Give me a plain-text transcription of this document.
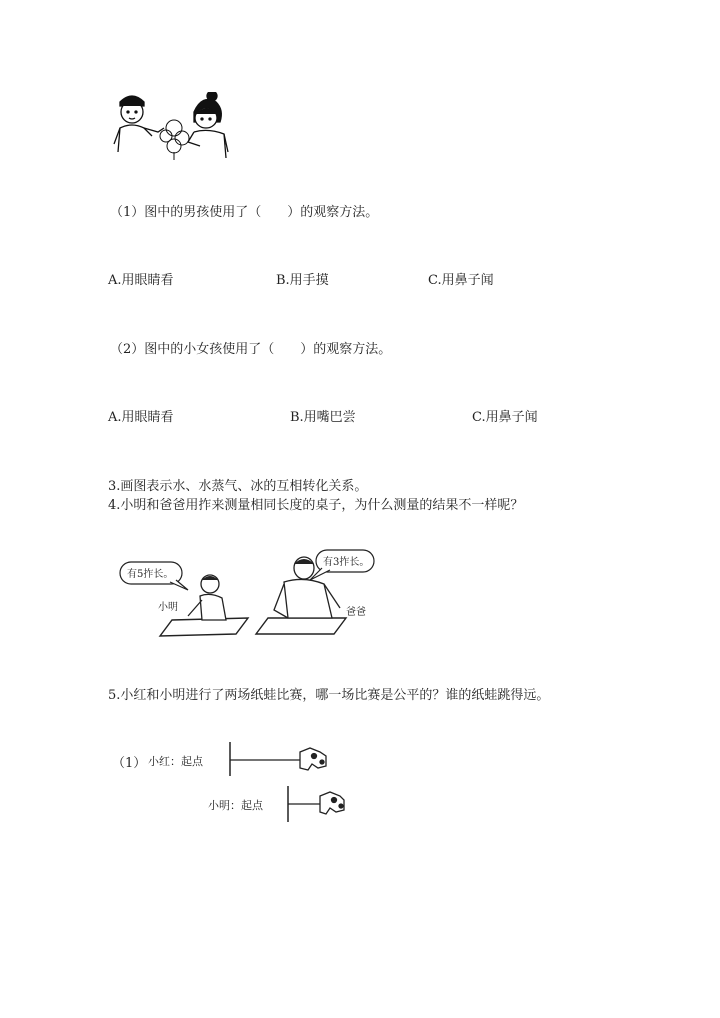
（1）图中的男孩使用了（　　）的观察方法。
A.用眼睛看	B.用手摸	C.用鼻子闻
（2）图中的小女孩使用了（　　）的观察方法。
A.用眼睛看	B.用嘴巴尝	C.用鼻子闻
3.画图表示水、水蒸气、冰的互相转化关系。
4.小明和爸爸用拃来测量相同长度的桌子，为什么测量的结果不一样呢？
有5拃长。
有3拃长。
小明	爸爸
5.小红和小明进行了两场纸蛙比赛，哪一场比赛是公平的？谁的纸蛙跳得远。
（1） 小红：起点
小明：起点
